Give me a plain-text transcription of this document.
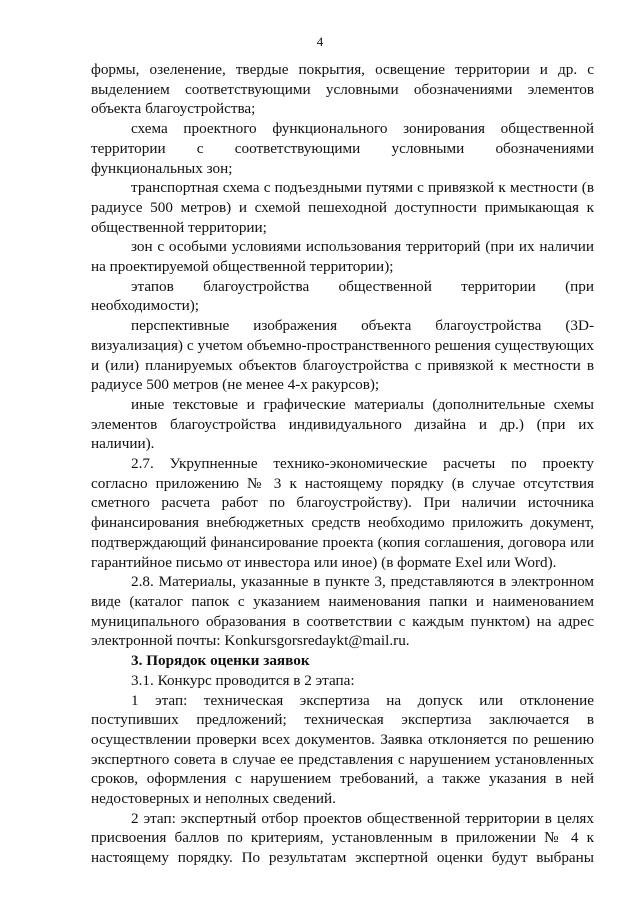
4

формы, озеленение, твердые покрытия, освещение территории и др. с выделением соответствующими условными обозначениями элементов объекта благоустройства;

схема проектного функционального зонирования общественной территории с соответствующими условными обозначениями функциональных зон;

транспортная схема с подъездными путями с привязкой к местности (в радиусе 500 метров) и схемой пешеходной доступности примыкающая к общественной территории;

зон с особыми условиями использования территорий (при их наличии на проектируемой общественной территории);

этапов благоустройства общественной территории (при необходимости);

перспективные изображения объекта благоустройства (3D-визуализация) с учетом объемно-пространственного решения существующих и (или) планируемых объектов благоустройства с привязкой к местности в радиусе 500 метров (не менее 4-х ракурсов);

иные текстовые и графические материалы (дополнительные схемы элементов благоустройства индивидуального дизайна и др.) (при их наличии).

2.7. Укрупненные технико-экономические расчеты по проекту согласно приложению № 3 к настоящему порядку (в случае отсутствия сметного расчета работ по благоустройству). При наличии источника финансирования внебюджетных средств необходимо приложить документ, подтверждающий финансирование проекта (копия соглашения, договора или гарантийное письмо от инвестора или иное) (в формате Exel или Word).

2.8. Материалы, указанные в пункте 3, представляются в электронном виде (каталог папок с указанием наименования папки и наименованием муниципального образования в соответствии с каждым пунктом) на адрес электронной почты: Konkursgorsredaykt@mail.ru.

3. Порядок оценки заявок

3.1. Конкурс проводится в 2 этапа:

1 этап: техническая экспертиза на допуск или отклонение поступивших предложений; техническая экспертиза заключается в осуществлении проверки всех документов. Заявка отклоняется по решению экспертного совета в случае ее представления с нарушением установленных сроков, оформления с нарушением требований, а также указания в ней недостоверных и неполных сведений.

2 этап: экспертный отбор проектов общественной территории в целях присвоения баллов по критериям, установленным в приложении № 4 к настоящему порядку. По результатам экспертной оценки будут выбраны
